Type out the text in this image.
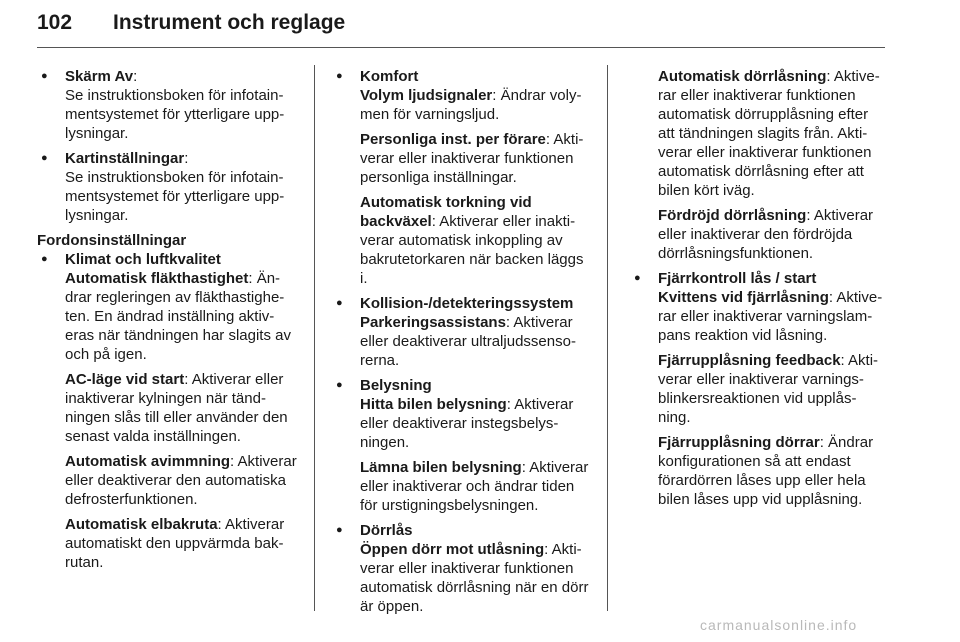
102 Instrument och reglage
● Skärm Av:

Se instruktionsboken för infotain-mentsystemet för ytterligare upp-lysningar.

● Kartinställningar:

Se instruktionsboken för infotain-mentsystemet för ytterligare upp-lysningar.

Fordonsinställningar
● Klimat och luftkvalitet

Automatisk fläkthastighet: Än-drar regleringen av fläkthastighe-ten. En ändrad inställning aktiv-eras när tändningen har slagits av och på igen.

AC-läge vid start: Aktiverar eller inaktiverar kylningen när tänd-ningen slås till eller använder den senast valda inställningen.

Automatisk avimmning: Aktiverar eller deaktiverar den automatiska defrosterfunktionen.

Automatisk elbakruta: Aktiverar automatiskt den uppvärmda bak-rutan.

● Komfort

Volym ljudsignaler: Ändrar voly-men för varningsljud.

Personliga inst. per förare: Akti-verar eller inaktiverar funktionen personliga inställningar.

Automatisk torkning vid backväxel: Aktiverar eller inakti-verar automatisk inkoppling av bakrutetorkaren när backen läggs i.

● Kollision-/detekteringssystem

Parkeringsassistans: Aktiverar eller deaktiverar ultraljudssenso-rerna.

● Belysning

Hitta bilen belysning: Aktiverar eller deaktiverar instegsbelys-ningen.

Lämna bilen belysning: Aktiverar eller inaktiverar och ändrar tiden för urstigningsbelysningen.

● Dörrlås

Öppen dörr mot utlåsning: Akti-verar eller inaktiverar funktionen automatisk dörrlåsning när en dörr är öppen.

Automatisk dörrlåsning: Aktive-rar eller inaktiverar funktionen automatisk dörrupplåsning efter att tändningen slagits från. Akti-verar eller inaktiverar funktionen automatisk dörrlåsning efter att bilen kört iväg.

Fördröjd dörrlåsning: Aktiverar eller inaktiverar den fördröjda dörrlåsningsfunktionen.

● Fjärrkontroll lås / start

Kvittens vid fjärrlåsning: Aktive-rar eller inaktiverar varningslam-pans reaktion vid låsning.

Fjärrupplåsning feedback: Akti-verar eller inaktiverar varnings-blinkersreaktionen vid upplås-ning.

Fjärrupplåsning dörrar: Ändrar konfigurationen så att endast förardörren låses upp eller hela bilen låses upp vid upplåsning.

carmanualsonline.info
